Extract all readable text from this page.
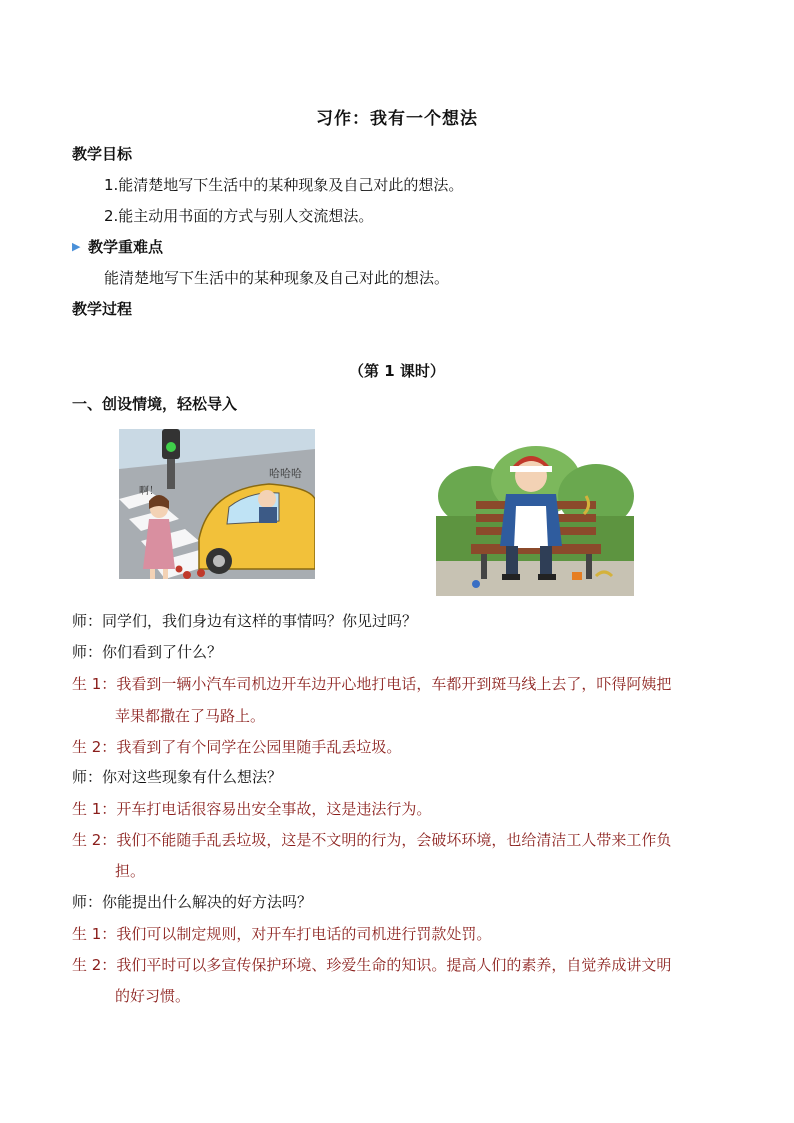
习作：我有一个想法
教学目标
1.能清楚地写下生活中的某种现象及自己对此的想法。
2.能主动用书面的方式与别人交流想法。
▶ 教学重难点
能清楚地写下生活中的某种现象及自己对此的想法。
教学过程
（第 1 课时）
一、创设情境，轻松导入
哈哈哈
啊！
师：同学们，我们身边有这样的事情吗？你见过吗？
师：你们看到了什么？
生 1：我看到一辆小汽车司机边开车边开心地打电话，车都开到斑马线上去了，吓得阿姨把
苹果都撒在了马路上。
生 2：我看到了有个同学在公园里随手乱丢垃圾。
师：你对这些现象有什么想法？
生 1：开车打电话很容易出安全事故，这是违法行为。
生 2：我们不能随手乱丢垃圾，这是不文明的行为，会破坏环境，也给清洁工人带来工作负
担。
师：你能提出什么解决的好方法吗？
生 1：我们可以制定规则，对开车打电话的司机进行罚款处罚。
生 2：我们平时可以多宣传保护环境、珍爱生命的知识。提高人们的素养，自觉养成讲文明
的好习惯。
